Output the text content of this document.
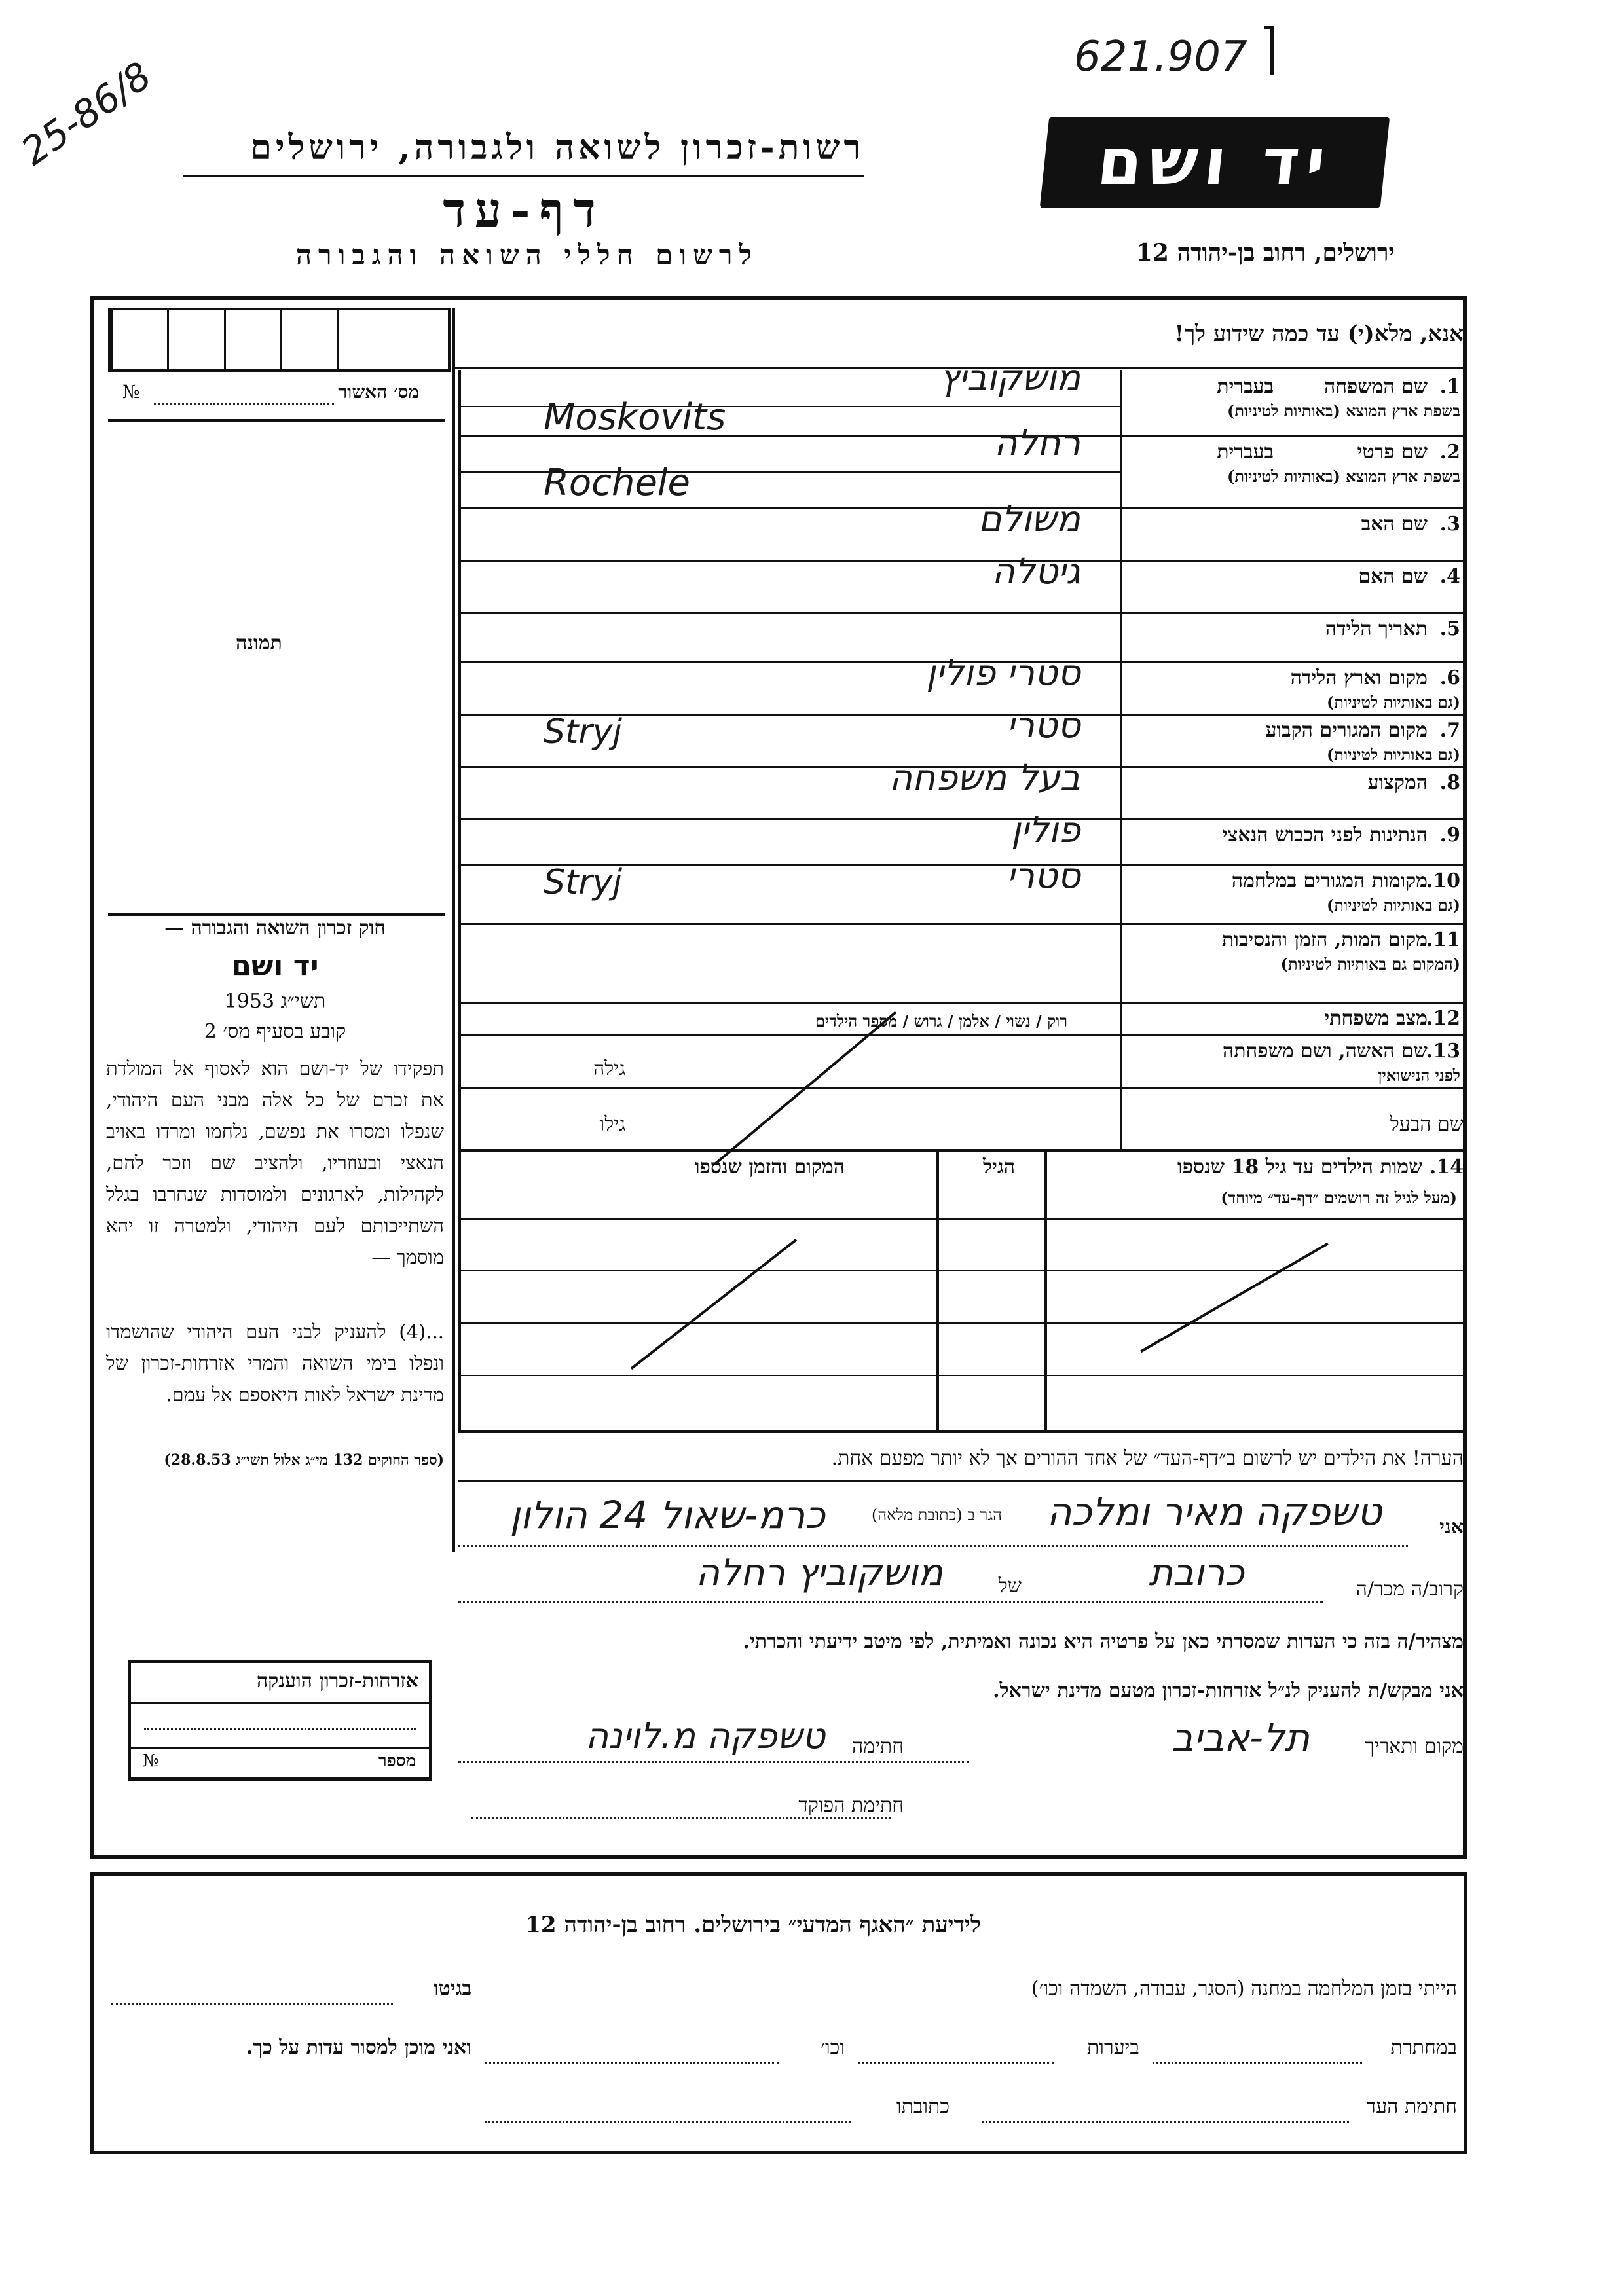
621.907
25-86/8	רשות-זכרון לשואה ולגבורה, ירושלים
דף-עד
לרשום חללי השואה והגבורה
יד ושם
ירושלים, רחוב בן-יהודה 12
אנא, מלא(י) עד כמה שידוע לך!
מס׳ האשור
№
תמונה
חוק זכרון השואה והגבורה —
יד ושם
תשי״ג 1953
קובע בסעיף מס׳ 2
תפקידו של יד-ושם הוא לאסוף אל המולדת את זכרם של כל אלה מבני העם היהודי, שנפלו ומסרו את נפשם, נלחמו ומרדו באויב הנאצי ובעוזריו, ולהציב שם וזכר להם, לקהילות, לארגונים ולמוסדות שנחרבו בגלל השתייכותם לעם היהודי, ולמטרה זו יהא מוסמך —
...(4) להעניק לבני העם היהודי שהושמדו ונפלו בימי השואה והמרי אזרחות-זכרון של מדינת ישראל לאות היאספם אל עמם.
(ספר החוקים 132 מי״ג אלול תשי״ג 28.8.53)
אזרחות-זכרון הוענקה
מספר
№
שם המשפחה 1.
בשפת ארץ המוצא (באותיות לטיניות)
בעברית
מושקוביץ
Moskovits
שם פרטי 2.
בשפת ארץ המוצא (באותיות לטיניות)
בעברית
רחלה
Rochele
שם האב 3.
משולם
שם האם 4.
גיטלה
תאריך הלידה 5.
מקום וארץ הלידה 6.
(גם באותיות לטיניות)
סטרי פולין
מקום המגורים הקבוע 7.
(גם באותיות לטיניות)
סטרי
Stryj
המקצוע 8.
בעל משפחה
הנתינות לפני הכבוש הנאצי 9.
פולין
מקומות המגורים במלחמה
10.
(גם באותיות לטיניות)
סטרי
Stryj
מקום המות, הזמן והנסיבות
11.
(המקום גם באותיות לטיניות)
מצב משפחתי
12.
שם האשה, ושם משפחתה
13.
לפני הנישואין
רוק / נשוי / אלמן / גרוש / מספר הילדים
גילה
גילו	שם הבעל
14. שמות הילדים עד גיל 18 שנספו
(מעל לגיל זה רושמים ״דף-עד״ מיוחד)
הגיל
המקום והזמן שנספו
הערה! את הילדים יש לרשום ב״דף-העד״ של אחד ההורים אך לא יותר מפעם אחת.
אני
טשפקה מאיר ומלכה
הגר ב (כתובת מלאה)
כרמ-שאול 24 הולון
קרוב/ה מכר/ה
כרובת
של
מושקוביץ רחלה
מצהיר/ה בזה כי העדות שמסרתי כאן על פרטיה היא נכונה ואמיתית, לפי מיטב ידיעתי והכרתי.
אני מבקש/ת להעניק לנ״ל אזרחות-זכרון מטעם מדינת ישראל.
מקום ותאריך
תל-אביב
חתימה
טשפקה מ.לוינה
חתימת הפוקד
לידיעת ״האגף המדעי״ בירושלים. רחוב בן-יהודה 12
הייתי בזמן המלחמה במחנה (הסגר, עבודה, השמדה וכו׳)
בגיטו
במחתרת
ביערות
וכו׳
ואני מוכן למסור עדות על כך.
חתימת העד
כתובתו
